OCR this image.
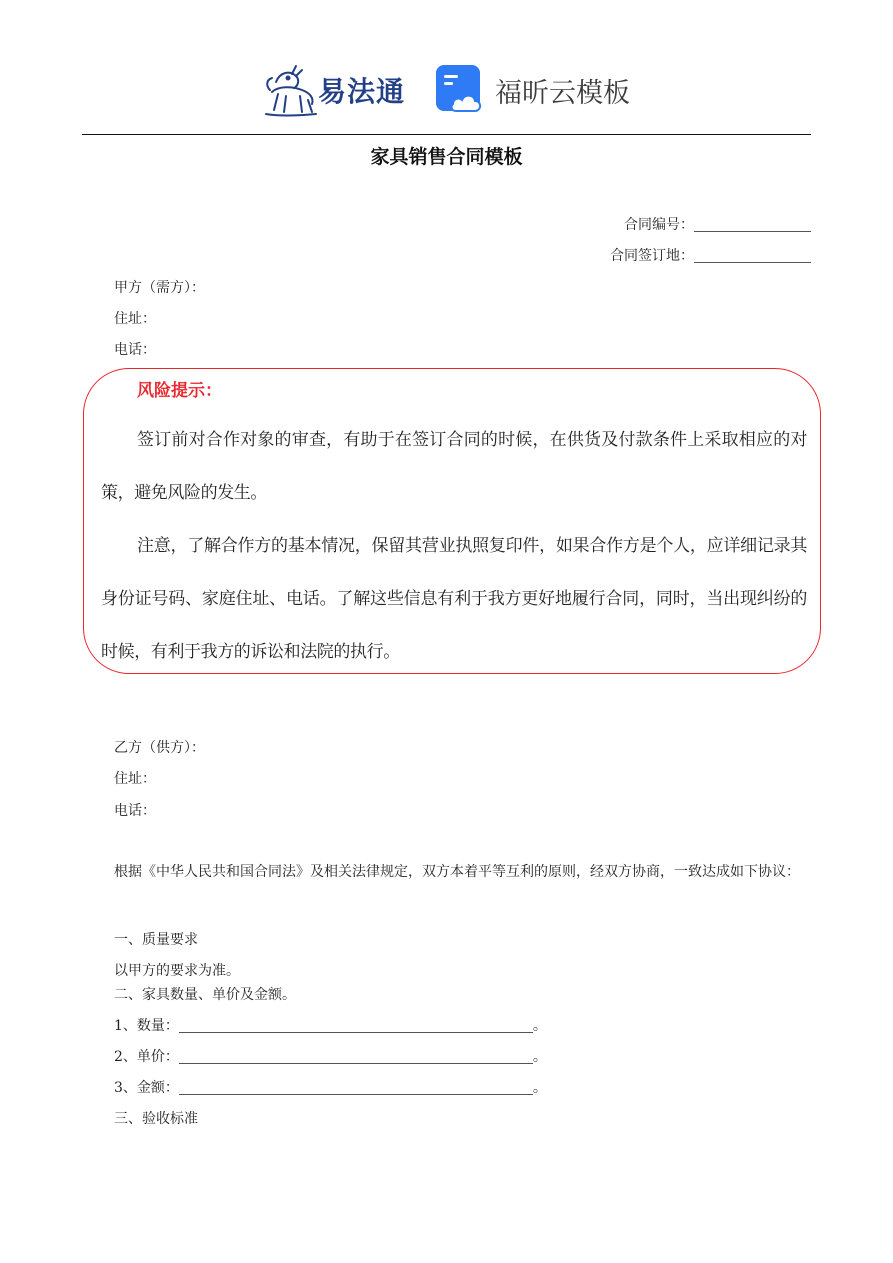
易法通	福昕云模板
家具销售合同模板
合同编号：
合同签订地：
甲方（需方）：
住址：
电话：
风险提示：
签订前对合作对象的审查，有助于在签订合同的时候，在供货及付款条件上采取相应的对策，避免风险的发生。
注意，了解合作方的基本情况，保留其营业执照复印件，如果合作方是个人，应详细记录其身份证号码、家庭住址、电话。了解这些信息有利于我方更好地履行合同，同时，当出现纠纷的时候，有利于我方的诉讼和法院的执行。
乙方（供方）：
住址：
电话：
根据《中华人民共和国合同法》及相关法律规定，双方本着平等互利的原则，经双方协商，一致达成如下协议：
一、质量要求
以甲方的要求为准。
二、家具数量、单价及金额。
1、数量：	。
2、单价：	。
3、金额：	。
三、验收标准
